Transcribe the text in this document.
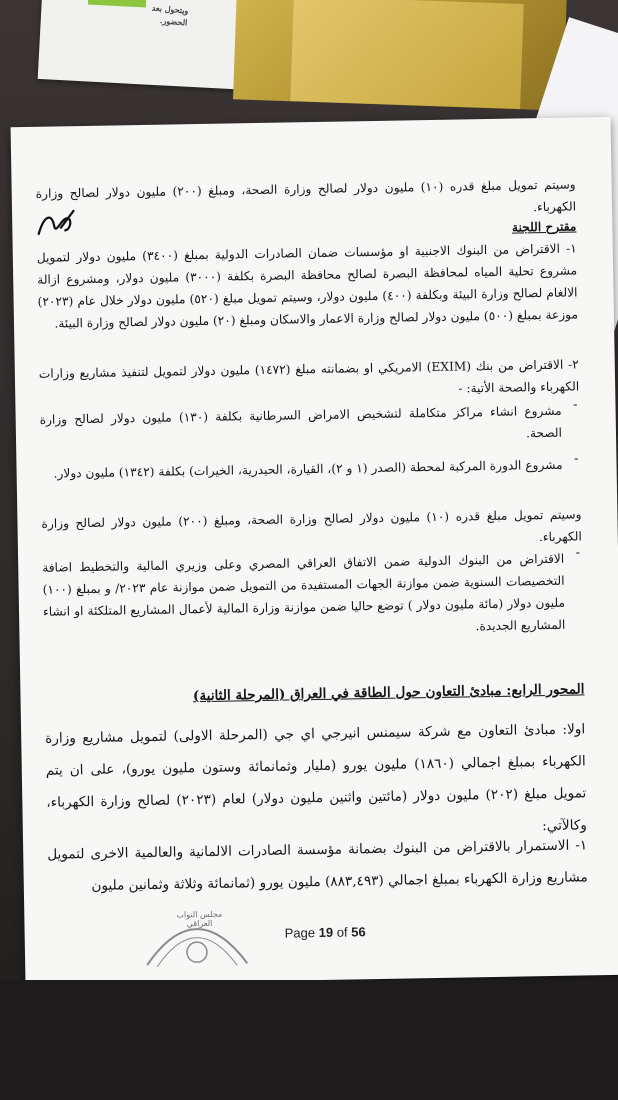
ويتحول بعد
الحضور.
وسيتم تمويل مبلغ قدره (١٠) مليون دولار لصالح وزارة الصحة، ومبلغ (٢٠٠) مليون دولار لصالح وزارة الكهرباء.
مقترح اللجنة
١- الاقتراض من البنوك الاجنبية او مؤسسات ضمان الصادرات الدولية بمبلغ (٣٤٠٠) مليون دولار لتمويل مشروع تحلية المياه لمحافظة البصرة لصالح محافظة البصرة بكلفة (٣٠٠٠) مليون دولار، ومشروع ازالة الالغام لصالح وزارة البيئة وبكلفة (٤٠٠) مليون دولار، وسيتم تمويل مبلغ (٥٢٠) مليون دولار خلال عام (٢٠٢٣) موزعة بمبلغ (٥٠٠) مليون دولار لصالح وزارة الاعمار والاسكان ومبلغ (٢٠) مليون دولار لصالح وزارة البيئة.
٢- الاقتراض من بنك (EXIM) الامريكي او بضمانته مبلغ (١٤٧٢) مليون دولار لتمويل لتنفيذ مشاريع وزارات الكهرباء والصحة الأتية: -
مشروع انشاء مراكز متكاملة لتشخيص الامراض السرطانية بكلفة (١٣٠) مليون دولار لصالح وزارة الصحة.
-
مشروع الدورة المركبة لمحطة (الصدر (١ و ٢)، القيارة، الحيدرية، الخيرات) بكلفة (١٣٤٢) مليون دولار. -
وسيتم تمويل مبلغ قدره (١٠) مليون دولار لصالح وزارة الصحة، ومبلغ (٢٠٠) مليون دولار لصالح وزارة الكهرباء.
الاقتراض من البنوك الدولية ضمن الاتفاق العراقي المصري وعلى وزيري المالية والتخطيط اضافة التخصيصات السنوية ضمن موازنة الجهات المستفيدة من التمويل ضمن موازنة عام ٢٠٢٣/ و بمبلغ (١٠٠) مليون دولار (مائة مليون دولار ) توضع حاليا ضمن موازنة وزارة المالية لأعمال المشاريع المتلكئة او انشاء المشاريع الجديدة.
-
المحور الرابع: مبادئ التعاون حول الطاقة في العراق (المرحلة الثانية)
اولا: مبادئ التعاون مع شركة سيمنس انيرجي اي جي (المرحلة الاولى) لتمويل مشاريع وزارة الكهرباء بمبلغ اجمالي (١٨٦٠) مليون يورو (مليار وثمانمائة وستون مليون يورو)، على ان يتم تمويل مبلغ (٢٠٢) مليون دولار (مائتين واثنين مليون دولار) لعام (٢٠٢٣) لصالح وزارة الكهرباء، وكالآتي:
١- الاستمرار بالاقتراض من البنوك بضمانة مؤسسة الصادرات الالمانية والعالمية الاخرى لتمويل مشاريع وزارة الكهرباء بمبلغ اجمالي (٨٨٣,٤٩٣) مليون يورو (ثمانمائة وثلاثة وثمانين مليون
مجلس النواب العراقي
Page 19 of 56
